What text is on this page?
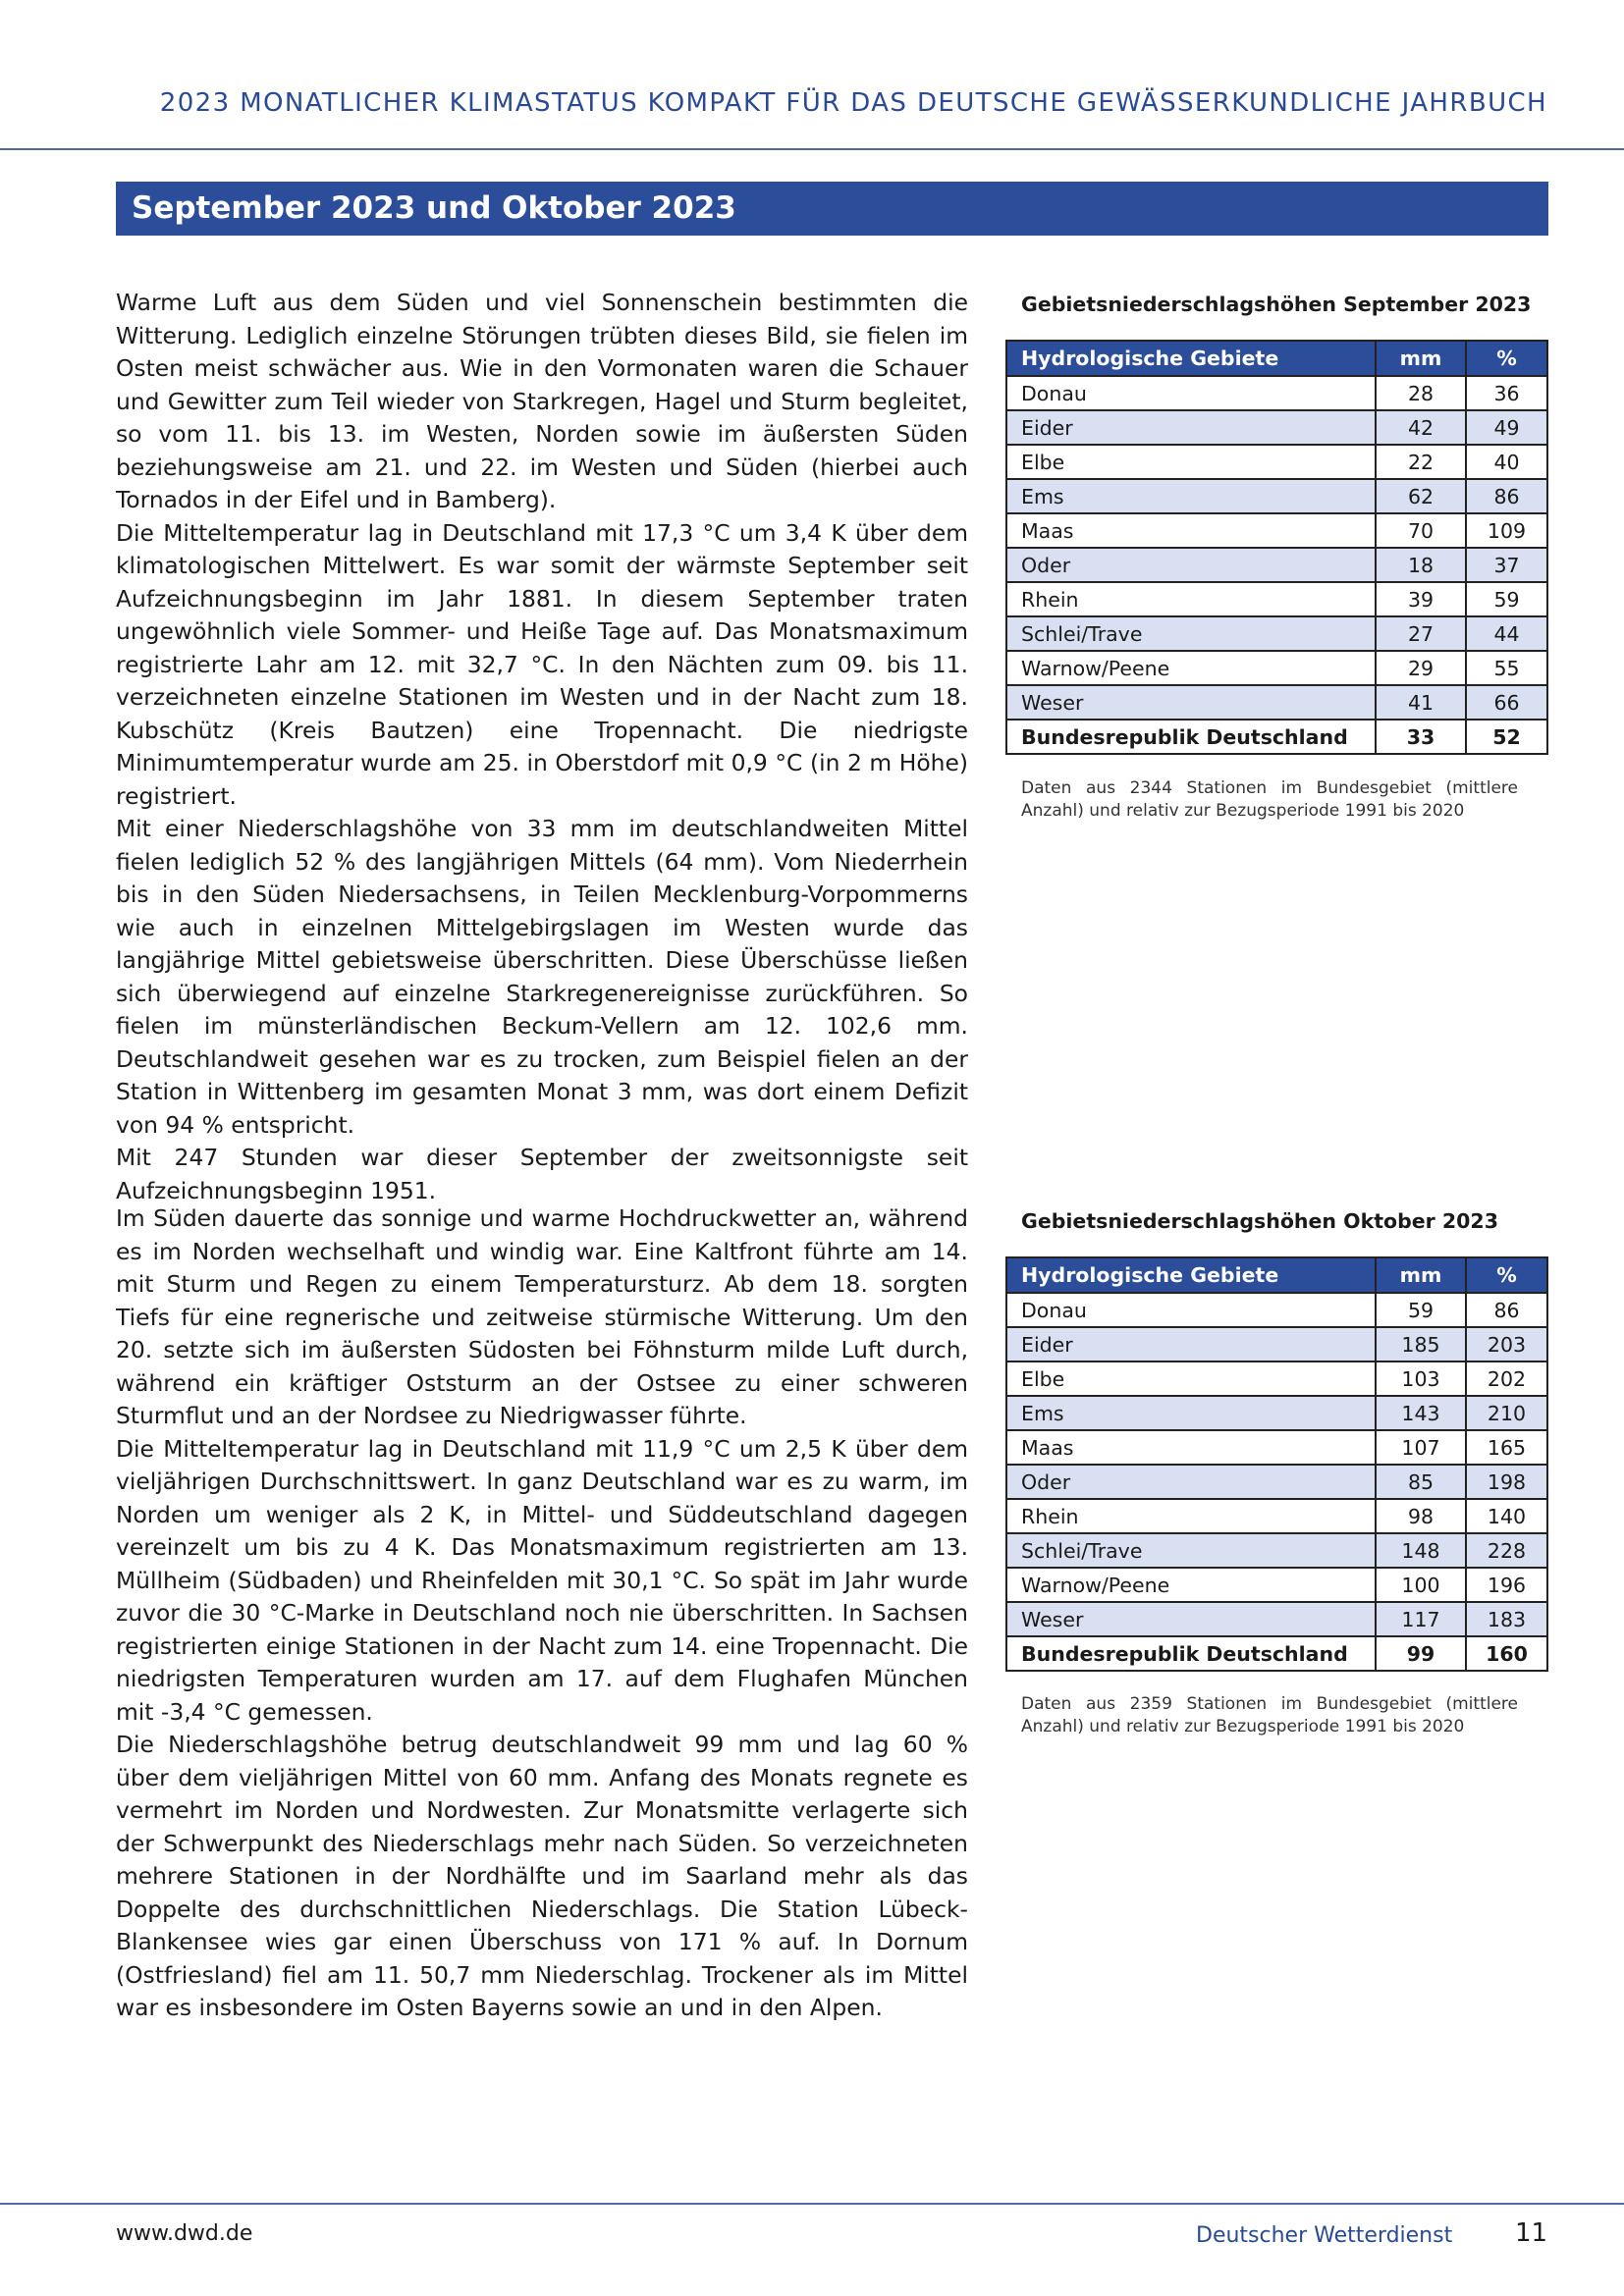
2023 MONATLICHER KLIMASTATUS KOMPAKT FÜR DAS DEUTSCHE GEWÄSSERKUNDLICHE JAHRBUCH
September 2023 und Oktober 2023

Warme Luft aus dem Süden und viel Sonnenschein bestimmten die Witterung. Lediglich einzelne Störungen trübten dieses Bild, sie fielen im Osten meist schwächer aus. Wie in den Vormonaten waren die Schauer und Gewitter zum Teil wieder von Starkregen, Hagel und Sturm begleitet, so vom 11. bis 13. im Westen, Norden sowie im äußersten Süden beziehungsweise am 21. und 22. im Westen und Süden (hierbei auch Tornados in der Eifel und in Bamberg).

Die Mitteltemperatur lag in Deutschland mit 17,3 °C um 3,4 K über dem klimatologischen Mittelwert. Es war somit der wärmste September seit Aufzeichnungsbeginn im Jahr 1881. In diesem September traten ungewöhnlich viele Sommer- und Heiße Tage auf. Das Monatsmaximum registrierte Lahr am 12. mit 32,7 °C. In den Nächten zum 09. bis 11. verzeichneten einzelne Stationen im Westen und in der Nacht zum 18. Kubschütz (Kreis Bautzen) eine Tropennacht. Die niedrigste Minimumtemperatur wurde am 25. in Oberstdorf mit 0,9 °C (in 2 m Höhe) registriert.

Mit einer Niederschlagshöhe von 33 mm im deutschlandweiten Mittel fielen lediglich 52 % des langjährigen Mittels (64 mm). Vom Niederrhein bis in den Süden Niedersachsens, in Teilen Mecklenburg-Vorpommerns wie auch in einzelnen Mittelgebirgslagen im Westen wurde das langjährige Mittel gebietsweise überschritten. Diese Überschüsse ließen sich überwiegend auf einzelne Starkregenereignisse zurückführen. So fielen im münsterländischen Beckum-Vellern am 12. 102,6 mm. Deutschlandweit gesehen war es zu trocken, zum Beispiel fielen an der Station in Wittenberg im gesamten Monat 3 mm, was dort einem Defizit von 94 % entspricht.

Mit 247 Stunden war dieser September der zweitsonnigste seit Aufzeichnungsbeginn 1951.

Gebietsniederschlagshöhen September 2023
Hydrologische Gebiete	mm	%
Donau	28	36
Eider	42	49
Elbe	22	40
Ems	62	86
Maas	70	109
Oder	18	37
Rhein	39	59
Schlei/Trave	27	44
Warnow/Peene	29	55
Weser	41	66
Bundesrepublik Deutschland	33	52
Daten aus 2344 Stationen im Bundesgebiet (mittlere Anzahl) und relativ zur Bezugsperiode 1991 bis 2020

Im Süden dauerte das sonnige und warme Hochdruckwetter an, während es im Norden wechselhaft und windig war. Eine Kaltfront führte am 14. mit Sturm und Regen zu einem Temperatursturz. Ab dem 18. sorgten Tiefs für eine regnerische und zeitweise stürmische Witterung. Um den 20. setzte sich im äußersten Südosten bei Föhnsturm milde Luft durch, während ein kräftiger Oststurm an der Ostsee zu einer schweren Sturmflut und an der Nordsee zu Niedrigwasser führte.

Die Mitteltemperatur lag in Deutschland mit 11,9 °C um 2,5 K über dem vieljährigen Durchschnittswert. In ganz Deutschland war es zu warm, im Norden um weniger als 2 K, in Mittel- und Süddeutschland dagegen vereinzelt um bis zu 4 K. Das Monatsmaximum registrierten am 13. Müllheim (Südbaden) und Rheinfelden mit 30,1 °C. So spät im Jahr wurde zuvor die 30 °C-Marke in Deutschland noch nie überschritten. In Sachsen registrierten einige Stationen in der Nacht zum 14. eine Tropennacht. Die niedrigsten Temperaturen wurden am 17. auf dem Flughafen München mit -3,4 °C gemessen.

Die Niederschlagshöhe betrug deutschlandweit 99 mm und lag 60 % über dem vieljährigen Mittel von 60 mm. Anfang des Monats regnete es vermehrt im Norden und Nordwesten. Zur Monatsmitte verlagerte sich der Schwerpunkt des Niederschlags mehr nach Süden. So verzeichneten mehrere Stationen in der Nordhälfte und im Saarland mehr als das Doppelte des durchschnittlichen Niederschlags. Die Station Lübeck-Blankensee wies gar einen Überschuss von 171 % auf. In Dornum (Ostfriesland) fiel am 11. 50,7 mm Niederschlag. Trockener als im Mittel war es insbesondere im Osten Bayerns sowie an und in den Alpen.

Gebietsniederschlagshöhen Oktober 2023
Hydrologische Gebiete	mm	%
Donau	59	86
Eider	185	203
Elbe	103	202
Ems	143	210
Maas	107	165
Oder	85	198
Rhein	98	140
Schlei/Trave	148	228
Warnow/Peene	100	196
Weser	117	183
Bundesrepublik Deutschland	99	160
Daten aus 2359 Stationen im Bundesgebiet (mittlere Anzahl) und relativ zur Bezugsperiode 1991 bis 2020
www.dwd.de	Deutscher Wetterdienst 11
